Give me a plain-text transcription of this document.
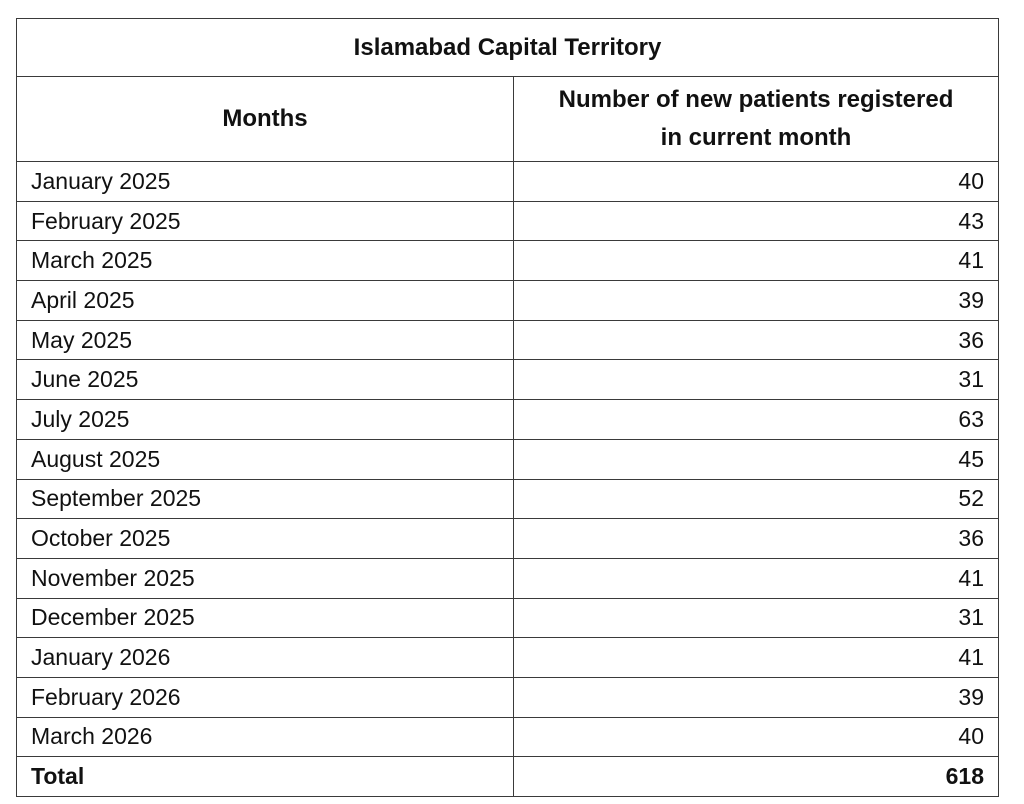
Islamabad Capital Territory	
Months	Number of new patients registered
in current month

January 2025	40
February 2025	43
March 2025	41
April 2025	39
May 2025	36
June 2025	31
July 2025	63
August 2025	45
September 2025	52
October 2025	36
November 2025	41
December 2025	31
January 2026	41
February 2026	39
March 2026	40
Total	618
